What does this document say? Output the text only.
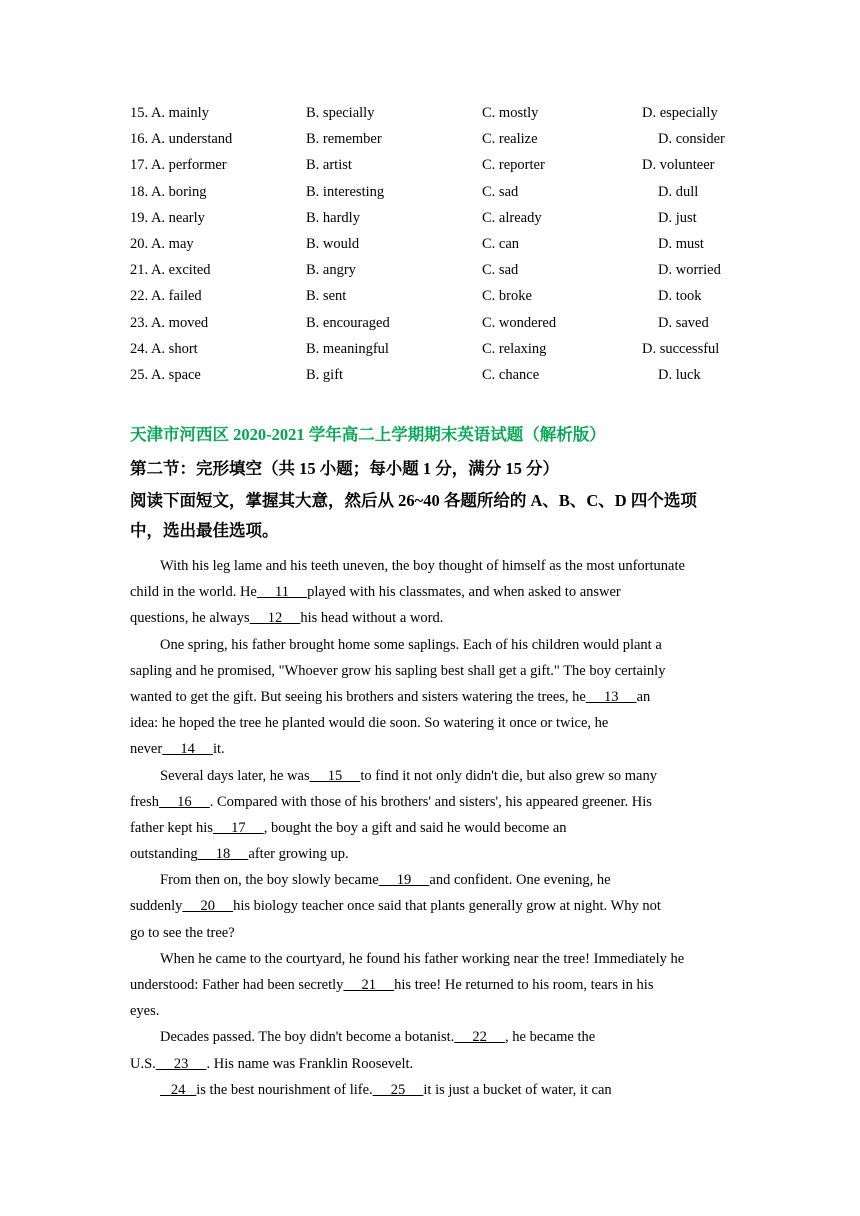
15. A. mainly	B. specially	C. mostly	D. especially
16. A. understand	B. remember	C. realize	D. consider
17. A. performer	B. artist	C. reporter	D. volunteer
18. A. boring	B. interesting	C. sad	D. dull
19. A. nearly	B. hardly	C. already	D. just
20. A. may	B. would	C. can	D. must
21. A. excited	B. angry	C. sad	D. worried
22. A. failed	B. sent	C. broke	D. took
23. A. moved	B. encouraged	C. wondered	D. saved
24. A. short	B. meaningful	C. relaxing	D. successful
25. A. space	B. gift	C. chance	D. luck
天津市河西区 2020-2021 学年高二上学期期末英语试题（解析版）
第二节：完形填空（共 15 小题；每小题 1 分，满分 15 分）
阅读下面短文，掌握其大意，然后从 26~40 各题所给的 A、B、C、D 四个选项
中，选出最佳选项。
With his leg lame and his teeth uneven, the boy thought of himself as the most unfortunate
child in the world. He     11     played with his classmates, and when asked to answer
questions, he always     12     his head without a word.
One spring, his father brought home some saplings. Each of his children would plant a
sapling and he promised, "Whoever grow his sapling best shall get a gift." The boy certainly
wanted to get the gift. But seeing his brothers and sisters watering the trees, he     13     an
idea: he hoped the tree he planted would die soon. So watering it once or twice, he
never     14     it.
Several days later, he was     15     to find it not only didn't die, but also grew so many
fresh     16     . Compared with those of his brothers' and sisters', his appeared greener. His
father kept his     17     , bought the boy a gift and said he would become an
outstanding     18     after growing up.
From then on, the boy slowly became     19     and confident. One evening, he
suddenly     20     his biology teacher once said that plants generally grow at night. Why not
go to see the tree?
When he came to the courtyard, he found his father working near the tree! Immediately he
understood: Father had been secretly     21     his tree! He returned to his room, tears in his
eyes.
Decades passed. The boy didn't become a botanist.     22     , he became the
U.S.     23     . His name was Franklin Roosevelt.
24   is the best nourishment of life.     25     it is just a bucket of water, it can
